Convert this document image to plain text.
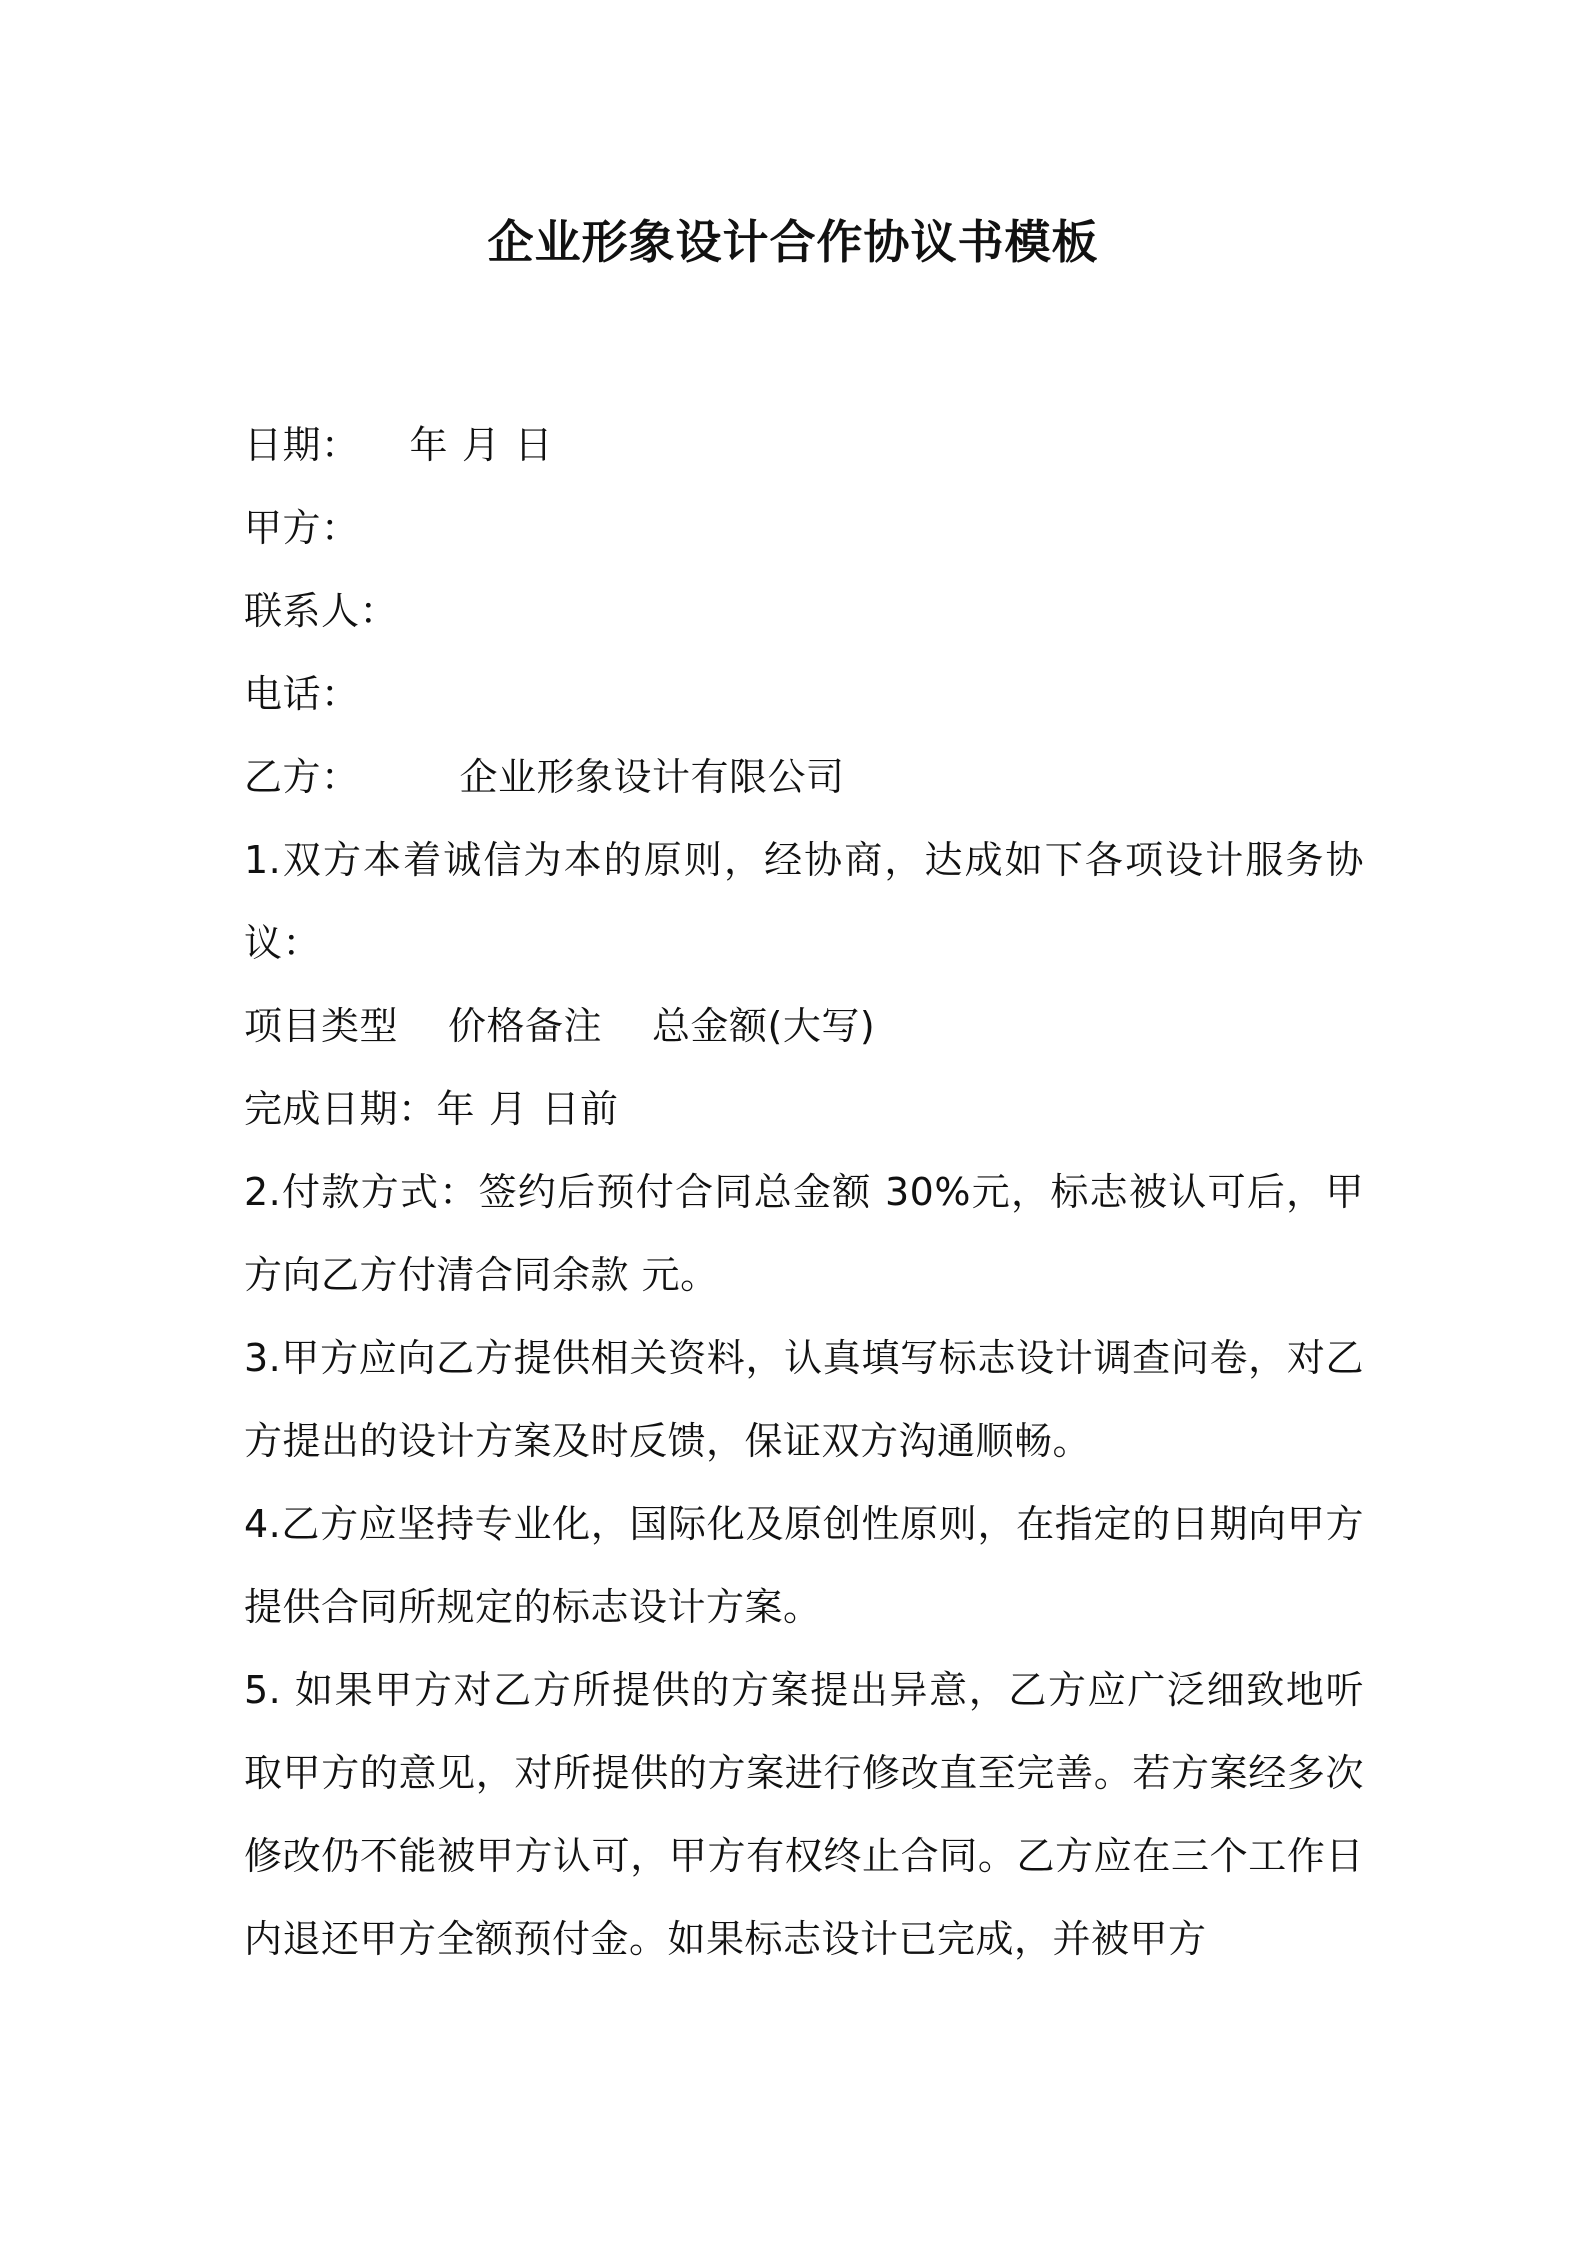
企业形象设计合作协议书模板
日期： 年 月 日
甲方：
联系人：
电话：
乙方：	企业形象设计有限公司
1.双方本着诚信为本的原则，经协商，达成如下各项设计服务协议：
项目类型 价格备注 总金额(大写)
完成日期：年 月 日前
2.付款方式：签约后预付合同总金额 30%元，标志被认可后，甲方向乙方付清合同余款 元。
3.甲方应向乙方提供相关资料，认真填写标志设计调查问卷，对乙方提出的设计方案及时反馈，保证双方沟通顺畅。
4.乙方应坚持专业化，国际化及原创性原则，在指定的日期向甲方提供合同所规定的标志设计方案。
5. 如果甲方对乙方所提供的方案提出异意，乙方应广泛细致地听取甲方的意见，对所提供的方案进行修改直至完善。若方案经多次修改仍不能被甲方认可，甲方有权终止合同。乙方应在三个工作日内退还甲方全额预付金。如果标志设计已完成，并被甲方
